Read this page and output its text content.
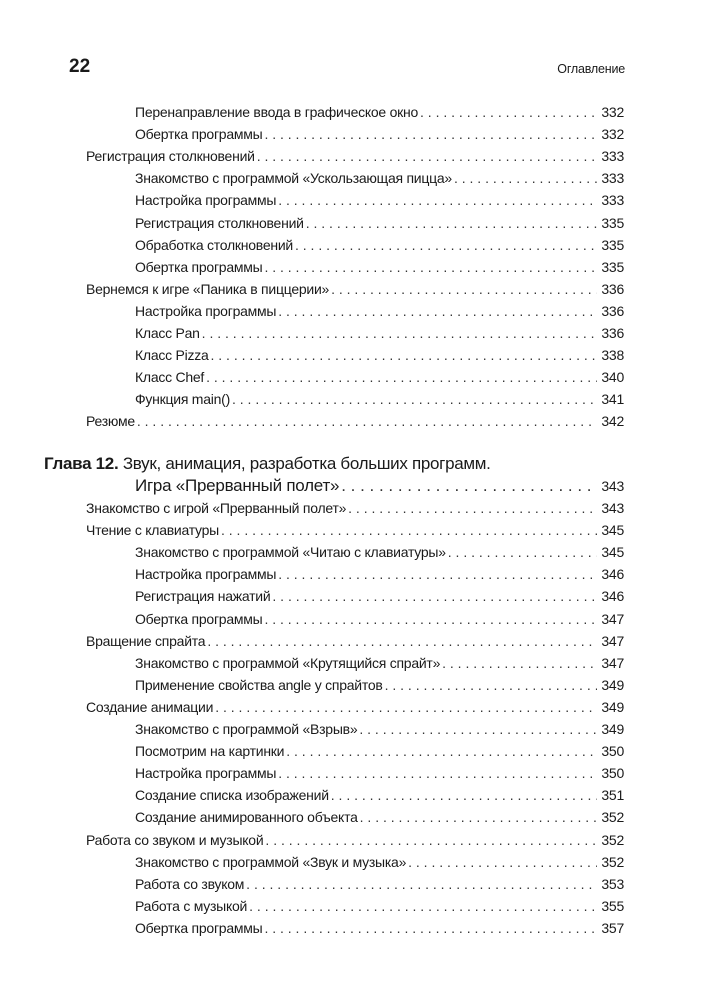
22	Оглавление
Перенаправление ввода в графическое окно . . .	332
Обертка программы . . .	332
Регистрация столкновений . . .	333
Знакомство с программой «Ускользающая пицца» . . .	333
Настройка программы . . .	333
Регистрация столкновений . . .	335
Обработка столкновений . . .	335
Обертка программы . . .	335
Вернемся к игре «Паника в пиццерии» . . .	336
Настройка программы . . .	336
Класс Pan . . .	336
Класс Pizza . . .	338
Класс Chef . . .	340
Функция main() . . .	341
Резюме . . .	342
Глава 12. Звук, анимация, разработка больших программ.
Игра «Прерванный полет» . . .	343
Знакомство с игрой «Прерванный полет» . . .	343
Чтение с клавиатуры . . .	345
Знакомство с программой «Читаю с клавиатуры» . . .	345
Настройка программы . . .	346
Регистрация нажатий . . .	346
Обертка программы . . .	347
Вращение спрайта . . .	347
Знакомство с программой «Крутящийся спрайт» . . .	347
Применение свойства angle у спрайтов . . .	349
Создание анимации . . .	349
Знакомство с программой «Взрыв» . . .	349
Посмотрим на картинки . . .	350
Настройка программы . . .	350
Создание списка изображений . . .	351
Создание анимированного объекта . . .	352
Работа со звуком и музыкой . . .	352
Знакомство с программой «Звук и музыка» . . .	352
Работа со звуком . . .	353
Работа с музыкой . . .	355
Обертка программы . . .	357
